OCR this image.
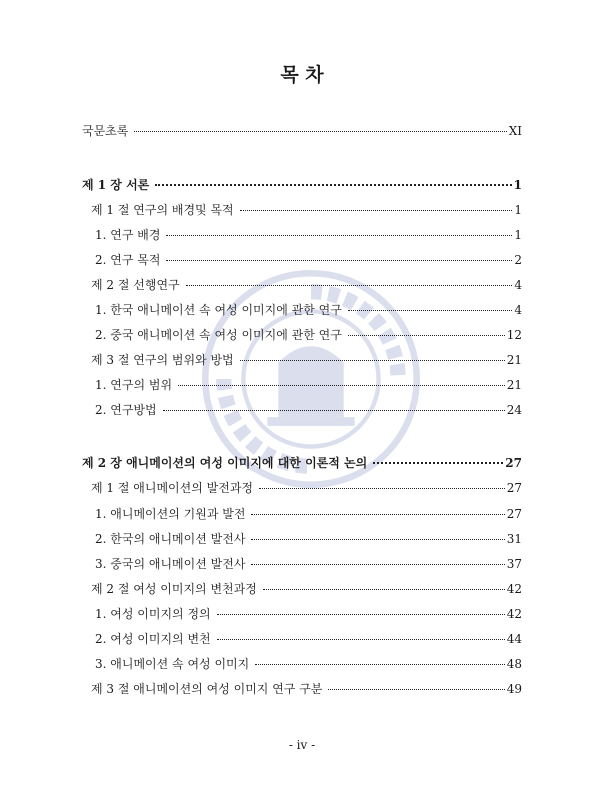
목 차
국문초록	XI
제 1 장 서론	1
제 1 절 연구의 배경및 목적	1
1. 연구 배경	1
2. 연구 목적	2
제 2 절 선행연구	4
1. 한국 애니메이션 속 여성 이미지에 관한 연구	4
2. 중국 애니메이션 속 여성 이미지에 관한 연구	12
제 3 절 연구의 범위와 방법	21
1. 연구의 범위	21
2. 연구방법	24
제 2 장 애니메이션의 여성 이미지에 대한 이론적 논의	27
제 1 절 애니메이션의 발전과정	27
1. 애니메이션의 기원과 발전	27
2. 한국의 애니메이션 발전사	31
3. 중국의 애니메이션 발전사	37
제 2 절 여성 이미지의 변천과정	42
1. 여성 이미지의 정의	42
2. 여성 이미지의 변천	44
3. 애니메이션 속 여성 이미지	48
제 3 절 애니메이션의 여성 이미지 연구 구분	49
- iv -
